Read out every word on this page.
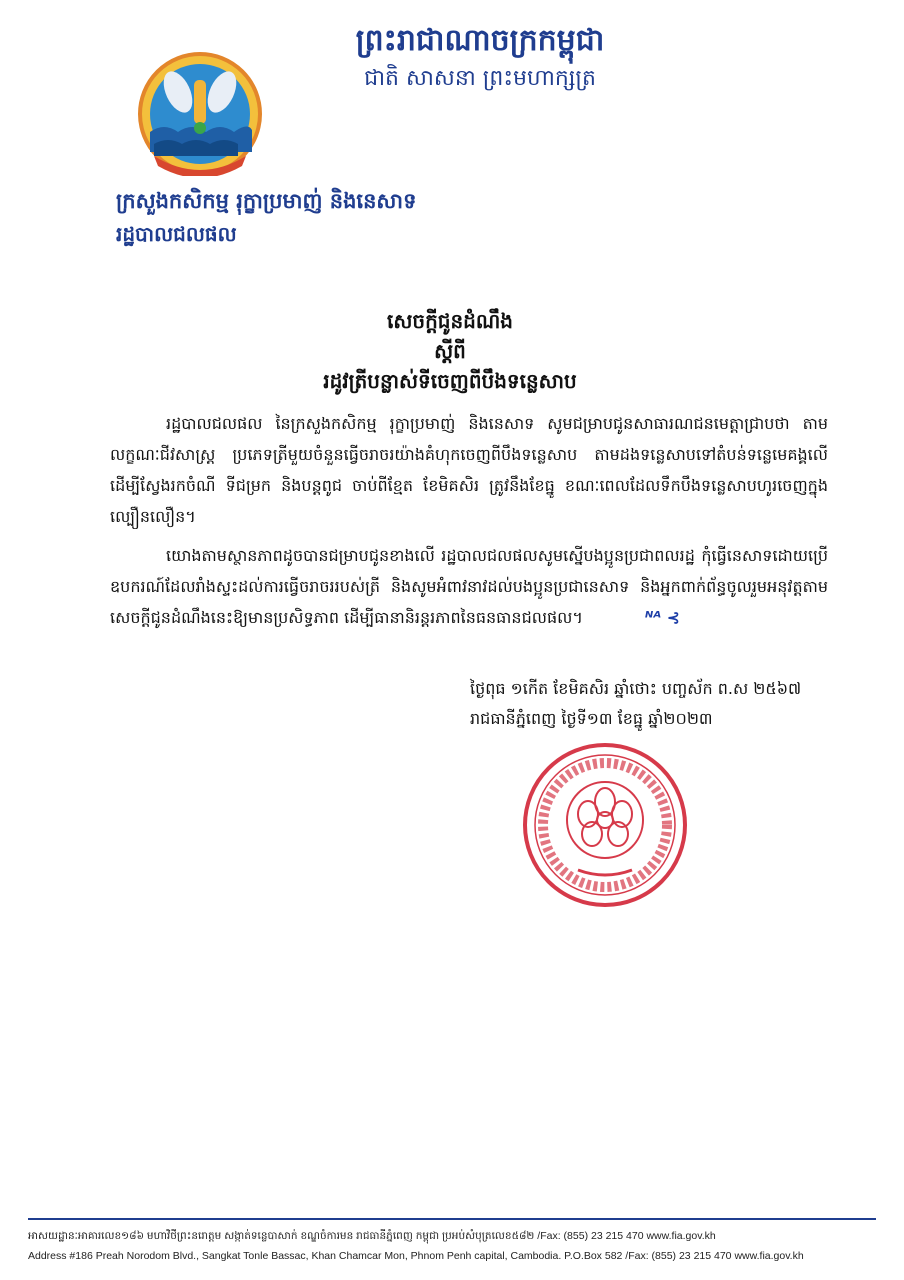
ព្រះរាជាណាចក្រកម្ពុជា
ជាតិ សាសនា ព្រះមហាក្សត្រ
ក្រសួងកសិកម្ម រុក្ខាប្រមាញ់ និងនេសាទ
រដ្ឋបាលជលផល
សេចក្តីជូនដំណឹង
ស្តីពី
រដូវត្រីបន្លាស់ទីចេញពីបឹងទន្លេសាប

រដ្ឋបាលជលផល នៃក្រសួងកសិកម្ម រុក្ខាប្រមាញ់ និងនេសាទ សូមជម្រាបជូនសាធារណជនមេត្តាជ្រាបថា តាមលក្ខណៈជីវសាស្ត្រ ប្រភេទត្រីមួយចំនួនធ្វើចរាចរយ៉ាងគំហុកចេញពីបឹងទន្លេសាប តាមដងទន្លេសាបទៅតំបន់ទន្លេមេគង្គលើ ដើម្បីស្វែងរកចំណី ទីជម្រក និងបន្តពូជ ចាប់ពីខែ្មត ខែមិគសិរ ត្រូវនឹងខែធ្នូ ខណៈពេលដែលទឹកបឹងទន្លេសាបហូរចេញក្នុងល្បឿនលឿន។

យោងតាមស្ថានភាពដូចបានជម្រាបជូនខាងលើ រដ្ឋបាលជលផលសូមស្នើបងប្អូនប្រជាពលរដ្ឋ កុំធ្វើនេសាទដោយប្រើឧបករណ៍ដែលរាំងស្ទះដល់ការធ្វើចរាចររបស់ត្រី និងសូមអំពាវនាវដល់បងប្អូនប្រជានេសាទ និងអ្នកពាក់ព័ន្ធចូលរួមអនុវត្តតាមសេចក្តីជូនដំណឹងនេះឱ្យមានប្រសិទ្ធភាព ដើម្បីធានានិរន្តរភាពនៃធនធានជលផល។	ᴺᴬ ⊰

ថ្ងៃពុធ ១កើត ខែមិគសិរ ឆ្នាំថោះ បញ្ចស័ក ព.ស ២៥៦៧
រាជធានីភ្នំពេញ ថ្ងៃទី១៣ ខែធ្នូ ឆ្នាំ២០២៣
អាសយដ្ឋានៈអាគារលេខ១៨៦ មហាវិថីព្រះនរោត្តម សង្កាត់ទន្លេបាសាក់ ខណ្ឌចំការមន រាជធានីភ្នំពេញ កម្ពុជា ប្រអប់សំបុត្រលេខ៥៨២ /Fax: (855) 23 215 470 www.fia.gov.kh
Address #186 Preah Norodom Blvd., Sangkat Tonle Bassac, Khan Chamcar Mon, Phnom Penh capital, Cambodia. P.O.Box 582 /Fax: (855) 23 215 470 www.fia.gov.kh
